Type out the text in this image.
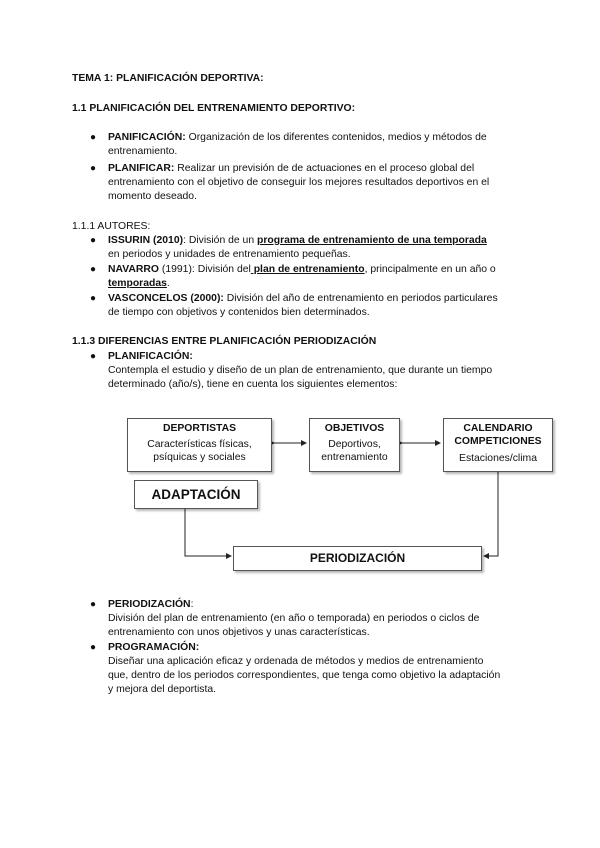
TEMA 1: PLANIFICACIÓN DEPORTIVA:
1.1 PLANIFICACIÓN DEL ENTRENAMIENTO DEPORTIVO:
● PANIFICACIÓN: Organización de los diferentes contenidos, medios y métodos de
entrenamiento.
● PLANIFICAR: Realizar un previsión de de actuaciones en el proceso global del
entrenamiento con el objetivo de conseguir los mejores resultados deportivos en el
momento deseado.
1.1.1 AUTORES:
● ISSURIN (2010): División de un programa de entrenamiento de una temporada
en periodos y unidades de entrenamiento pequeñas.
● NAVARRO (1991): División del plan de entrenamiento, principalmente en un año o
temporadas.
● VASCONCELOS (2000): División del año de entrenamiento en periodos particulares
de tiempo con objetivos y contenidos bien determinados.
1.1.3 DIFERENCIAS ENTRE PLANIFICACIÓN PERIODIZACIÓN
● PLANIFICACIÓN:
Contempla el estudio y diseño de un plan de entrenamiento, que durante un tiempo
determinado (año/s), tiene en cuenta los siguientes elementos:
DEPORTISTAS
Características físicas,
psíquicas y sociales
OBJETIVOS
Deportivos,
entrenamiento
CALENDARIO
COMPETICIONES
Estaciones/clima
ADAPTACIÓN
PERIODIZACIÓN
● PERIODIZACIÓN:
División del plan de entrenamiento (en año o temporada) en periodos o ciclos de
entrenamiento con unos objetivos y unas características.
● PROGRAMACIÓN:
Diseñar una aplicación eficaz y ordenada de métodos y medios de entrenamiento
que, dentro de los periodos correspondientes, que tenga como objetivo la adaptación
y mejora del deportista.
